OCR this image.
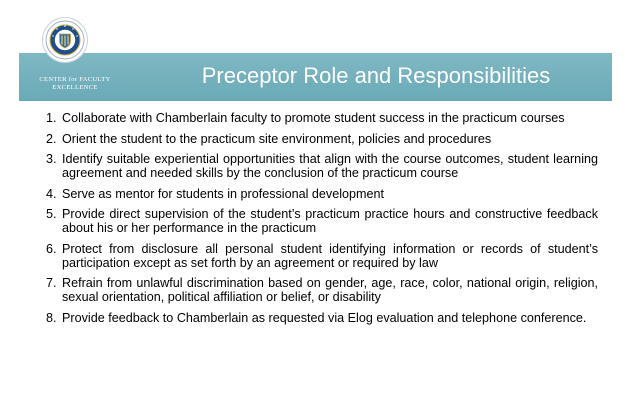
CENTER for FACULTY
EXCELLENCE	Preceptor Role and Responsibilities
1. Collaborate with Chamberlain faculty to promote student success in the practicum courses
2. Orient the student to the practicum site environment, policies and procedures
3. Identify suitable experiential opportunities that align with the course outcomes, student learning agreement and needed skills by the conclusion of the practicum course
4. Serve as mentor for students in professional development
5. Provide direct supervision of the student’s practicum practice hours and constructive feedback about his or her performance in the practicum
6. Protect from disclosure all personal student identifying information or records of student’s participation except as set forth by an agreement or required by law
7. Refrain from unlawful discrimination based on gender, age, race, color, national origin, religion, sexual orientation, political affiliation or belief, or disability
8. Provide feedback to Chamberlain as requested via Elog evaluation and telephone conference.
